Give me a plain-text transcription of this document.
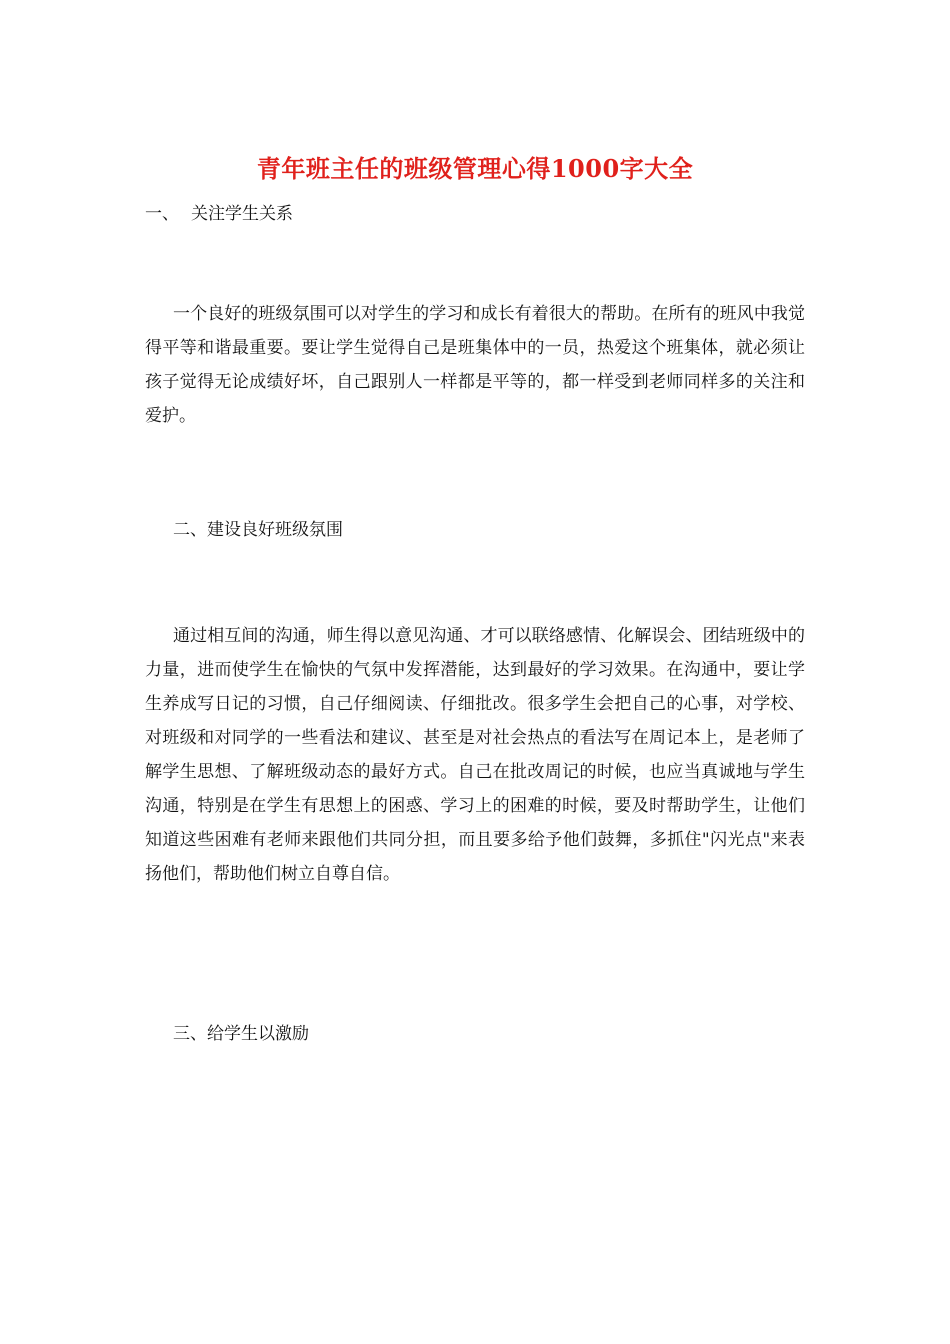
青年班主任的班级管理心得1000字大全
一、 关注学生关系

一个良好的班级氛围可以对学生的学习和成长有着很大的帮助。在所有的班风中我觉得平等和谐最重要。要让学生觉得自己是班集体中的一员，热爱这个班集体，就必须让孩子觉得无论成绩好坏，自己跟别人一样都是平等的，都一样受到老师同样多的关注和爱护。

二、建设良好班级氛围

通过相互间的沟通，师生得以意见沟通、才可以联络感情、化解误会、团结班级中的力量，进而使学生在愉快的气氛中发挥潜能，达到最好的学习效果。在沟通中，要让学生养成写日记的习惯，自己仔细阅读、仔细批改。很多学生会把自己的心事，对学校、对班级和对同学的一些看法和建议、甚至是对社会热点的看法写在周记本上，是老师了解学生思想、了解班级动态的最好方式。自己在批改周记的时候，也应当真诚地与学生沟通，特别是在学生有思想上的困惑、学习上的困难的时候，要及时帮助学生，让他们知道这些困难有老师来跟他们共同分担，而且要多给予他们鼓舞，多抓住"闪光点"来表扬他们，帮助他们树立自尊自信。

三、给学生以激励
